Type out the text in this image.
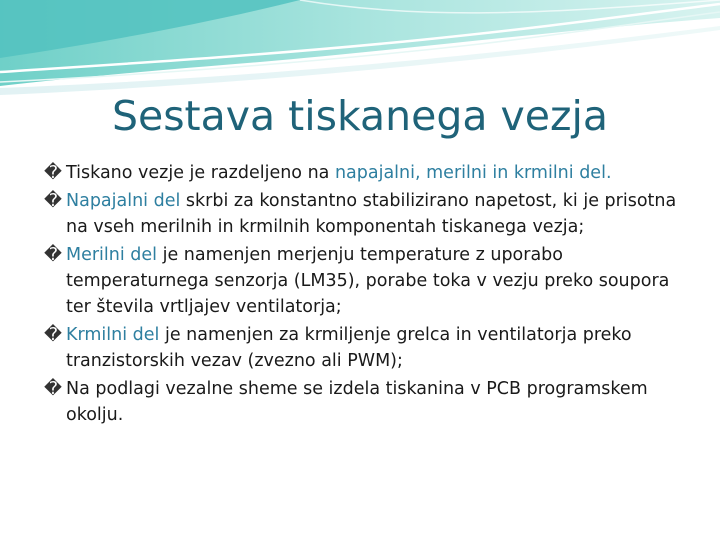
Sestava tiskanega vezja
� Tiskano vezje je razdeljeno na napajalni, merilni in krmilni del.
� Napajalni del skrbi za konstantno stabilizirano napetost, ki je prisotna na vseh merilnih in krmilnih komponentah tiskanega vezja;
� Merilni del je namenjen merjenju temperature z uporabo temperaturnega senzorja (LM35), porabe toka v vezju preko soupora ter števila vrtljajev ventilatorja;
� Krmilni del je namenjen za krmiljenje grelca in ventilatorja preko tranzistorskih vezav (zvezno ali PWM);
� Na podlagi vezalne sheme se izdela tiskanina v PCB programskem okolju.
